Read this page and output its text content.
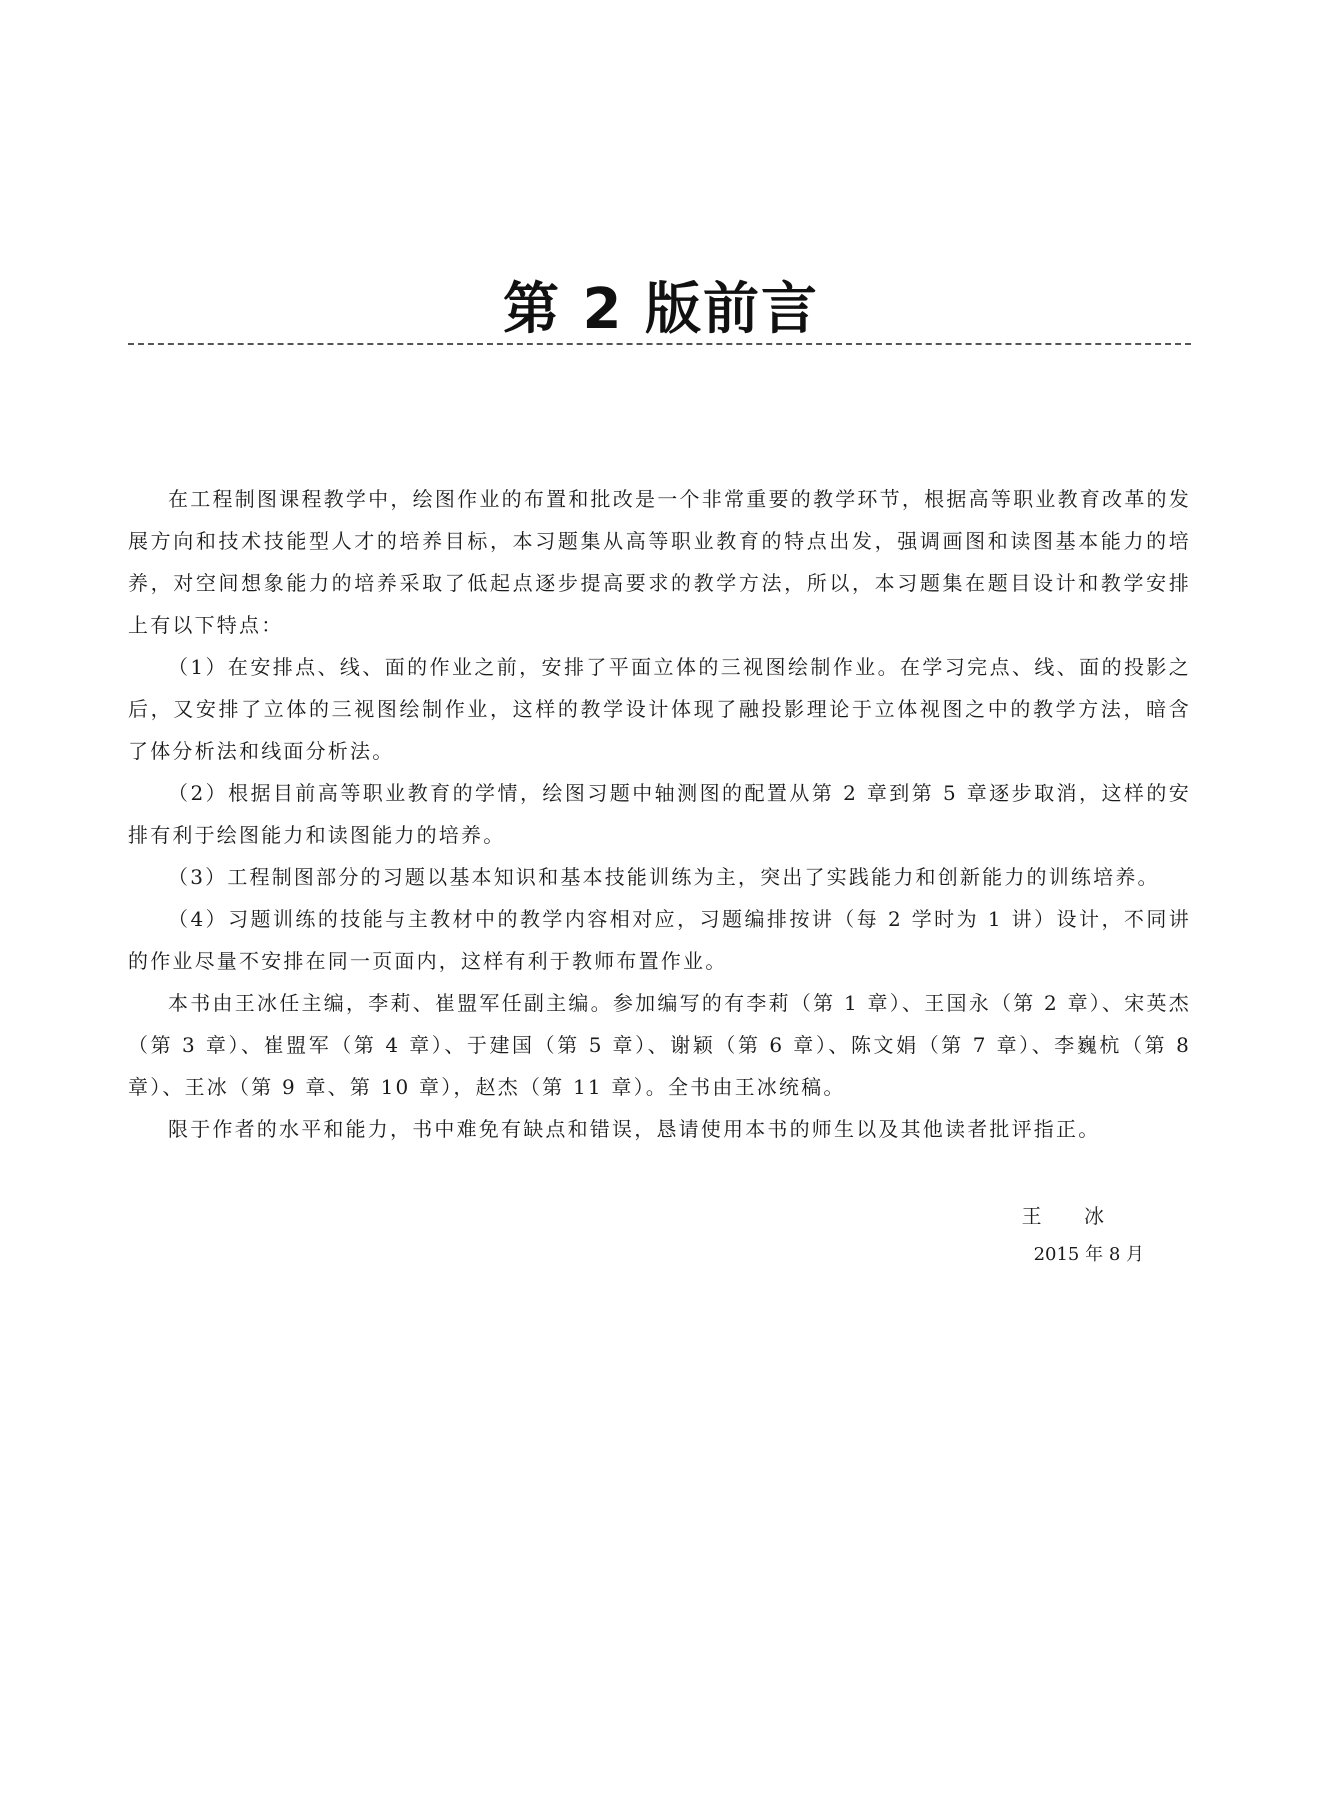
第 2 版前言

在工程制图课程教学中，绘图作业的布置和批改是一个非常重要的教学环节，根据高等职业教育改革的发展方向和技术技能型人才的培养目标，本习题集从高等职业教育的特点出发，强调画图和读图基本能力的培养，对空间想象能力的培养采取了低起点逐步提高要求的教学方法，所以，本习题集在题目设计和教学安排上有以下特点：

（1）在安排点、线、面的作业之前，安排了平面立体的三视图绘制作业。在学习完点、线、面的投影之后，又安排了立体的三视图绘制作业，这样的教学设计体现了融投影理论于立体视图之中的教学方法，暗含了体分析法和线面分析法。

（2）根据目前高等职业教育的学情，绘图习题中轴测图的配置从第 2 章到第 5 章逐步取消，这样的安排有利于绘图能力和读图能力的培养。

（3）工程制图部分的习题以基本知识和基本技能训练为主，突出了实践能力和创新能力的训练培养。

（4）习题训练的技能与主教材中的教学内容相对应，习题编排按讲（每 2 学时为 1 讲）设计，不同讲的作业尽量不安排在同一页面内，这样有利于教师布置作业。

本书由王冰任主编，李莉、崔盟军任副主编。参加编写的有李莉（第 1 章）、王国永（第 2 章）、宋英杰（第 3 章）、崔盟军（第 4 章）、于建国（第 5 章）、谢颖（第 6 章）、陈文娟（第 7 章）、李巍杭（第 8 章）、王冰（第 9 章、第 10 章），赵杰（第 11 章）。全书由王冰统稿。

限于作者的水平和能力，书中难免有缺点和错误，恳请使用本书的师生以及其他读者批评指正。

王 冰
2015 年 8 月
